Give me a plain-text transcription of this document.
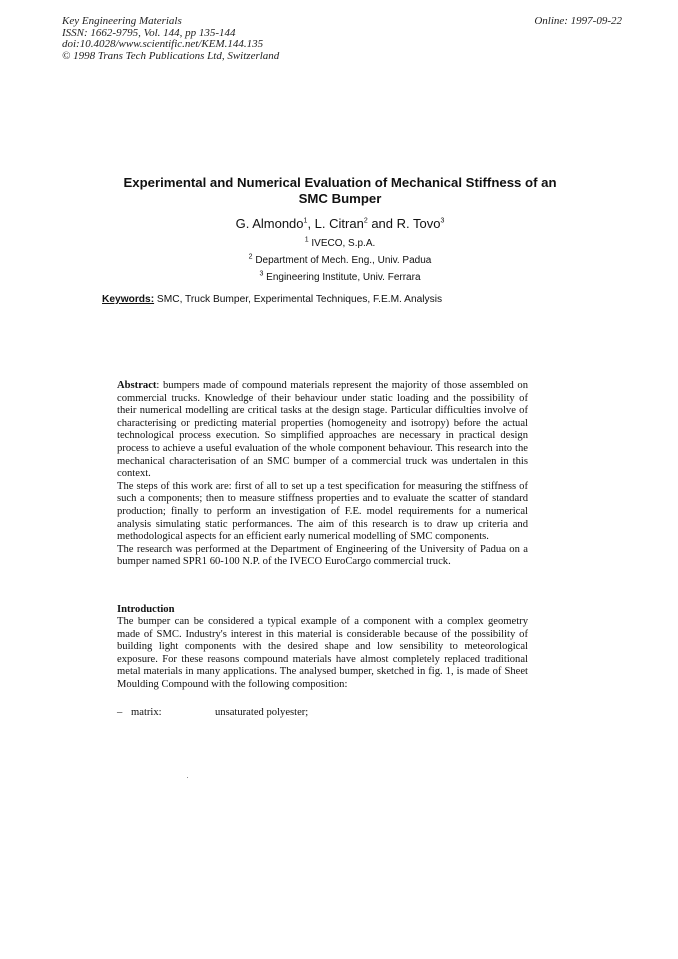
Key Engineering Materials
ISSN: 1662-9795, Vol. 144, pp 135-144
doi:10.4028/www.scientific.net/KEM.144.135
© 1998 Trans Tech Publications Ltd, Switzerland
Online: 1997-09-22
Experimental and Numerical Evaluation of Mechanical Stiffness of an
SMC Bumper
G. Almondo$^1$, L. Citran$^2$ and R. Tovo$^3$
$^1$ IVECO, S.p.A.
$^2$ Department of Mech. Eng., Univ. Padua
$^3$ Engineering Institute, Univ. Ferrara
Keywords: SMC, Truck Bumper, Experimental Techniques, F.E.M. Analysis

Abstract: bumpers made of compound materials represent the majority of those assembled on commercial trucks. Knowledge of their behaviour under static loading and the possibility of their numerical modelling are critical tasks at the design stage. Particular difficulties involve of characterising or predicting material properties (homogeneity and isotropy) before the actual technological process execution. So simplified approaches are necessary in practical design process to achieve a useful evaluation of the whole component behaviour. This research into the mechanical characterisation of an SMC bumper of a commercial truck was undertalen in this context.

The steps of this work are: first of all to set up a test specification for measuring the stiffness of such a components; then to measure stiffness properties and to evaluate the scatter of standard production; finally to perform an investigation of F.E. model requirements for a numerical analysis simulating static performances. The aim of this research is to draw up criteria and methodological aspects for an efficient early numerical modelling of SMC components.

The research was performed at the Department of Engineering of the University of Padua on a bumper named SPR1 60-100 N.P. of the IVECO EuroCargo commercial truck.

Introduction

The bumper can be considered a typical example of a component with a complex geometry made of SMC. Industry's interest in this material is considerable because of the possibility of building light components with the desired shape and low sensibility to meteorological exposure. For these reasons compound materials have almost completely replaced traditional metal materials in many applications. The analysed bumper, sketched in fig. 1, is made of Sheet Moulding Compound with the following composition:

– matrix:	unsaturated polyester;
